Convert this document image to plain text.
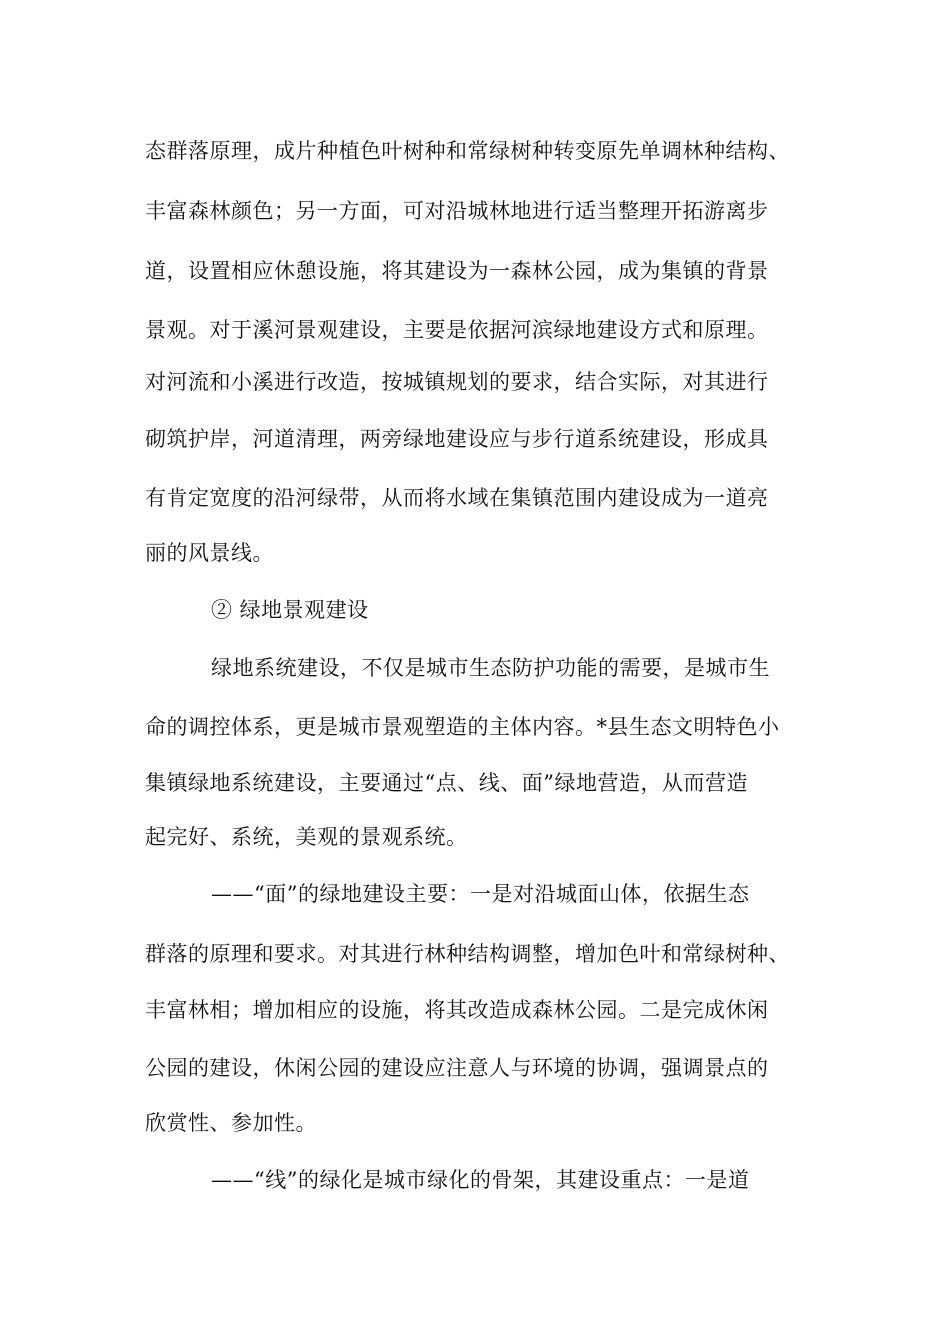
态群落原理，成片种植色叶树种和常绿树种转变原先单调林种结构、
丰富森林颜色；另一方面，可对沿城林地进行适当整理开拓游离步
道，设置相应休憩设施，将其建设为一森林公园，成为集镇的背景
景观。对于溪河景观建设，主要是依据河滨绿地建设方式和原理。
对河流和小溪进行改造，按城镇规划的要求，结合实际，对其进行
砌筑护岸，河道清理，两旁绿地建设应与步行道系统建设，形成具
有肯定宽度的沿河绿带，从而将水域在集镇范围内建设成为一道亮
丽的风景线。
② 绿地景观建设
绿地系统建设，不仅是城市生态防护功能的需要，是城市生
命的调控体系，更是城市景观塑造的主体内容。*县生态文明特色小
集镇绿地系统建设，主要通过“点、线、面”绿地营造，从而营造
起完好、系统，美观的景观系统。
——“面”的绿地建设主要：一是对沿城面山体，依据生态
群落的原理和要求。对其进行林种结构调整，增加色叶和常绿树种、
丰富林相；增加相应的设施，将其改造成森林公园。二是完成休闲
公园的建设，休闲公园的建设应注意人与环境的协调，强调景点的
欣赏性、参加性。
——“线”的绿化是城市绿化的骨架，其建设重点：一是道
